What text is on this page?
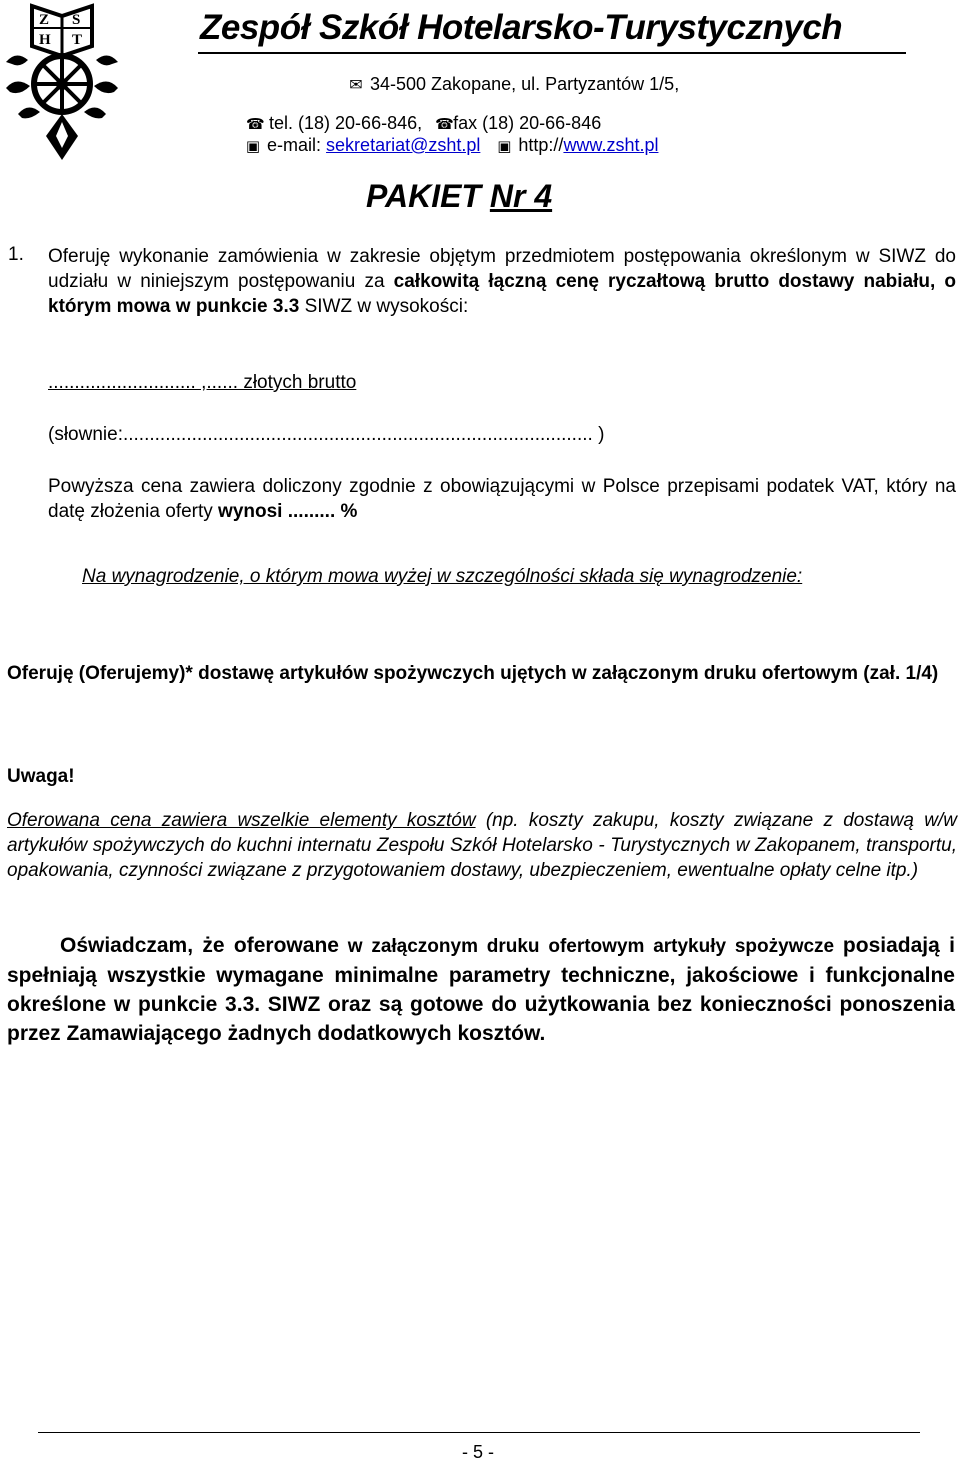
Z S
H T	Zespół Szkół Hotelarsko-Turystycznych
✉ 34-500 Zakopane, ul. Partyzantów 1/5,
☎ tel. (18) 20-66-846, ☎fax (18) 20-66-846
▣ e-mail: sekretariat@zsht.pl ▣ http://www.zsht.pl
PAKIET Nr 4
1. Oferuję wykonanie zamówienia w zakresie objętym przedmiotem postępowania określonym w SIWZ do udziału w niniejszym postępowaniu za całkowitą łączną cenę ryczałtową brutto dostawy nabiału, o którym mowa w punkcie 3.3 SIWZ w wysokości:

............................ ,...... złotych brutto

(słownie:......................................................................................... )

Powyższa cena zawiera doliczony zgodnie z obowiązującymi w Polsce przepisami podatek VAT, który na datę złożenia oferty wynosi ......... %

Na wynagrodzenie, o którym mowa wyżej w szczególności składa się wynagrodzenie:

Oferuję (Oferujemy)* dostawę artykułów spożywczych ujętych w załączonym druku ofertowym (zał. 1/4)

Uwaga!

Oferowana cena zawiera wszelkie elementy kosztów (np. koszty zakupu, koszty związane z dostawą w/w artykułów spożywczych do kuchni internatu Zespołu Szkół Hotelarsko - Turystycznych w Zakopanem, transportu, opakowania, czynności związane z przygotowaniem dostawy, ubezpieczeniem, ewentualne opłaty celne itp.)

Oświadczam, że oferowane w załączonym druku ofertowym artykuły spożywcze posiadają i spełniają wszystkie wymagane minimalne parametry techniczne, jakościowe i funkcjonalne określone w punkcie 3.3. SIWZ oraz są gotowe do użytkowania bez konieczności ponoszenia przez Zamawiającego żadnych dodatkowych kosztów.

- 5 -
